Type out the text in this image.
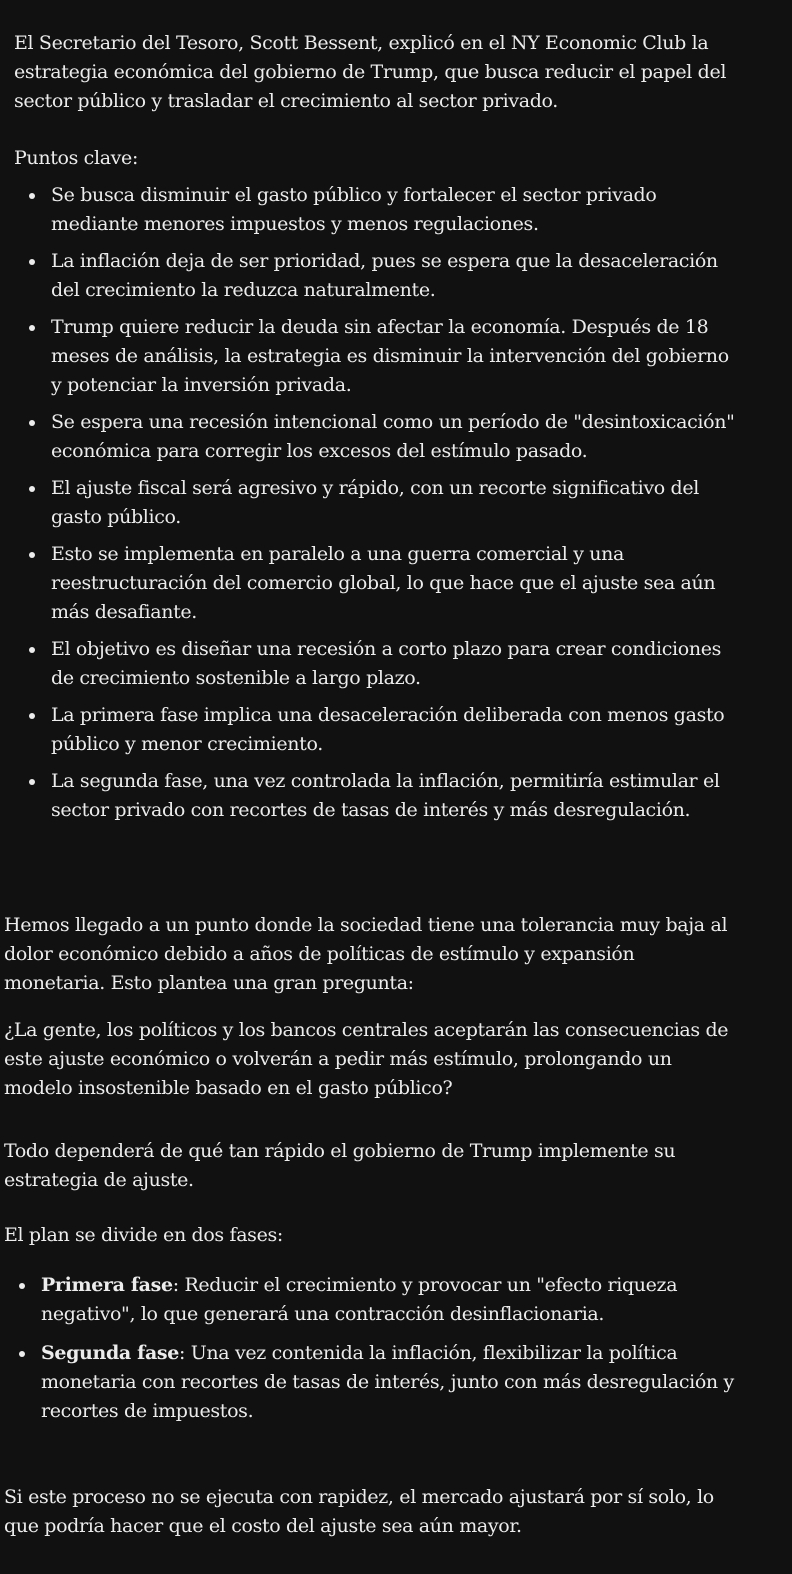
El Secretario del Tesoro, Scott Bessent, explicó en el NY Economic Club la estrategia económica del gobierno de Trump, que busca reducir el papel del sector público y trasladar el crecimiento al sector privado.

Puntos clave:

Se busca disminuir el gasto público y fortalecer el sector privado mediante menores impuestos y menos regulaciones.
La inflación deja de ser prioridad, pues se espera que la desaceleración del crecimiento la reduzca naturalmente.
Trump quiere reducir la deuda sin afectar la economía. Después de 18 meses de análisis, la estrategia es disminuir la intervención del gobierno y potenciar la inversión privada.
Se espera una recesión intencional como un período de "desintoxicación" económica para corregir los excesos del estímulo pasado.
El ajuste fiscal será agresivo y rápido, con un recorte significativo del gasto público.
Esto se implementa en paralelo a una guerra comercial y una reestructuración del comercio global, lo que hace que el ajuste sea aún más desafiante.
El objetivo es diseñar una recesión a corto plazo para crear condiciones de crecimiento sostenible a largo plazo.
La primera fase implica una desaceleración deliberada con menos gasto público y menor crecimiento.
La segunda fase, una vez controlada la inflación, permitiría estimular el sector privado con recortes de tasas de interés y más desregulación.

Hemos llegado a un punto donde la sociedad tiene una tolerancia muy baja al dolor económico debido a años de políticas de estímulo y expansión monetaria. Esto plantea una gran pregunta:

¿La gente, los políticos y los bancos centrales aceptarán las consecuencias de este ajuste económico o volverán a pedir más estímulo, prolongando un modelo insostenible basado en el gasto público?

Todo dependerá de qué tan rápido el gobierno de Trump implemente su estrategia de ajuste.

El plan se divide en dos fases:

Primera fase: Reducir el crecimiento y provocar un "efecto riqueza negativo", lo que generará una contracción desinflacionaria.
Segunda fase: Una vez contenida la inflación, flexibilizar la política monetaria con recortes de tasas de interés, junto con más desregulación y recortes de impuestos.

Si este proceso no se ejecuta con rapidez, el mercado ajustará por sí solo, lo que podría hacer que el costo del ajuste sea aún mayor.
